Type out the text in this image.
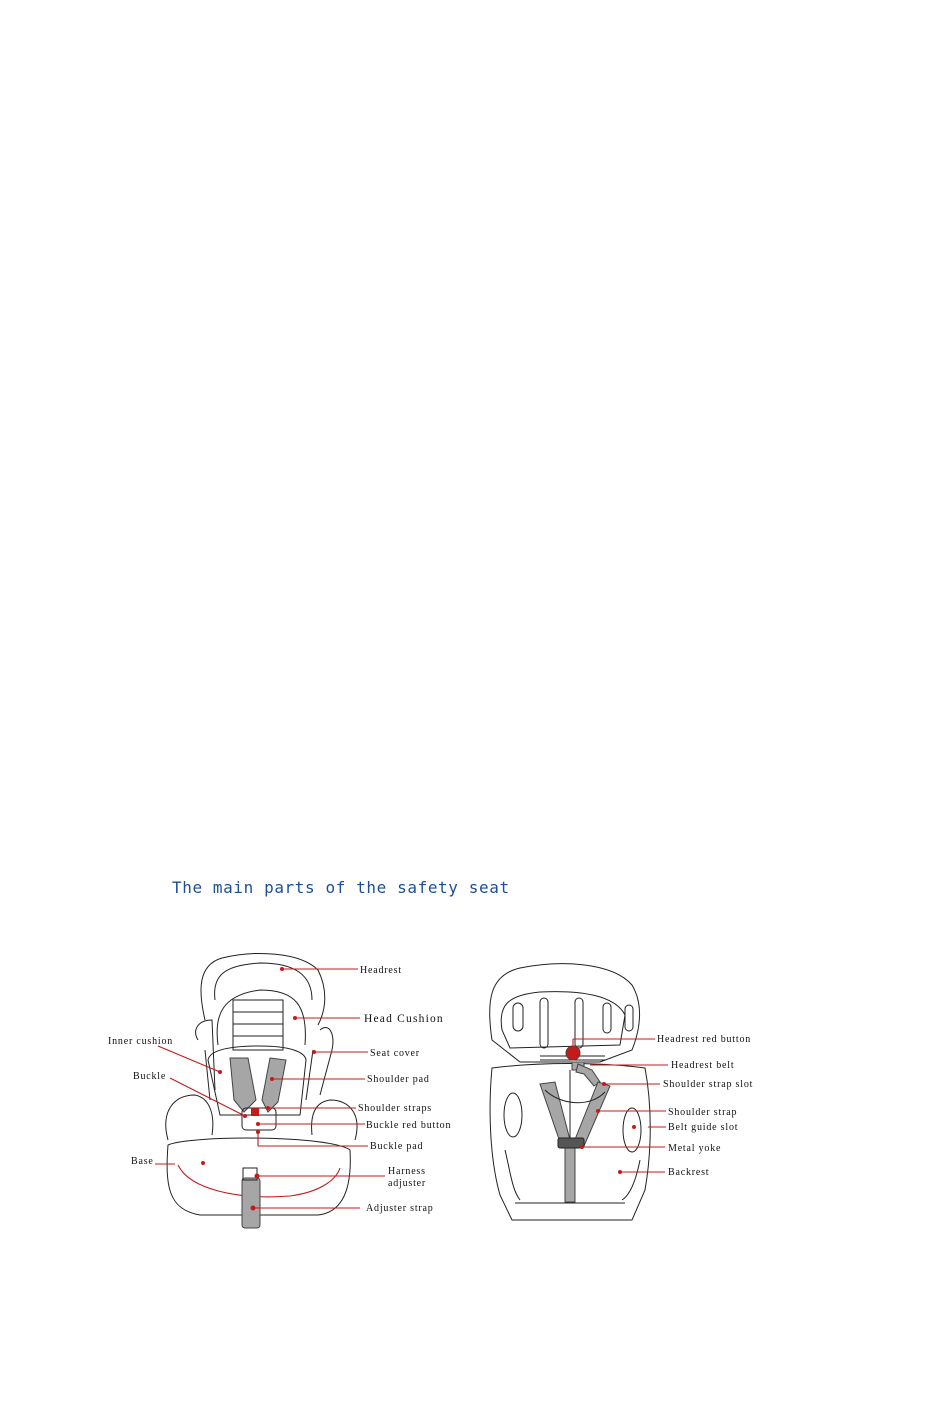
The main parts of the safety seat
Headrest
Head Cushion
Inner cushion
Seat cover
Buckle	Shoulder pad
Shoulder straps
Buckle red button
Buckle pad
Base
Harness
adjuster
Adjuster strap
Headrest red button
Headrest belt
Shoulder strap slot
Shoulder strap
Belt guide slot
Metal yoke
Backrest
